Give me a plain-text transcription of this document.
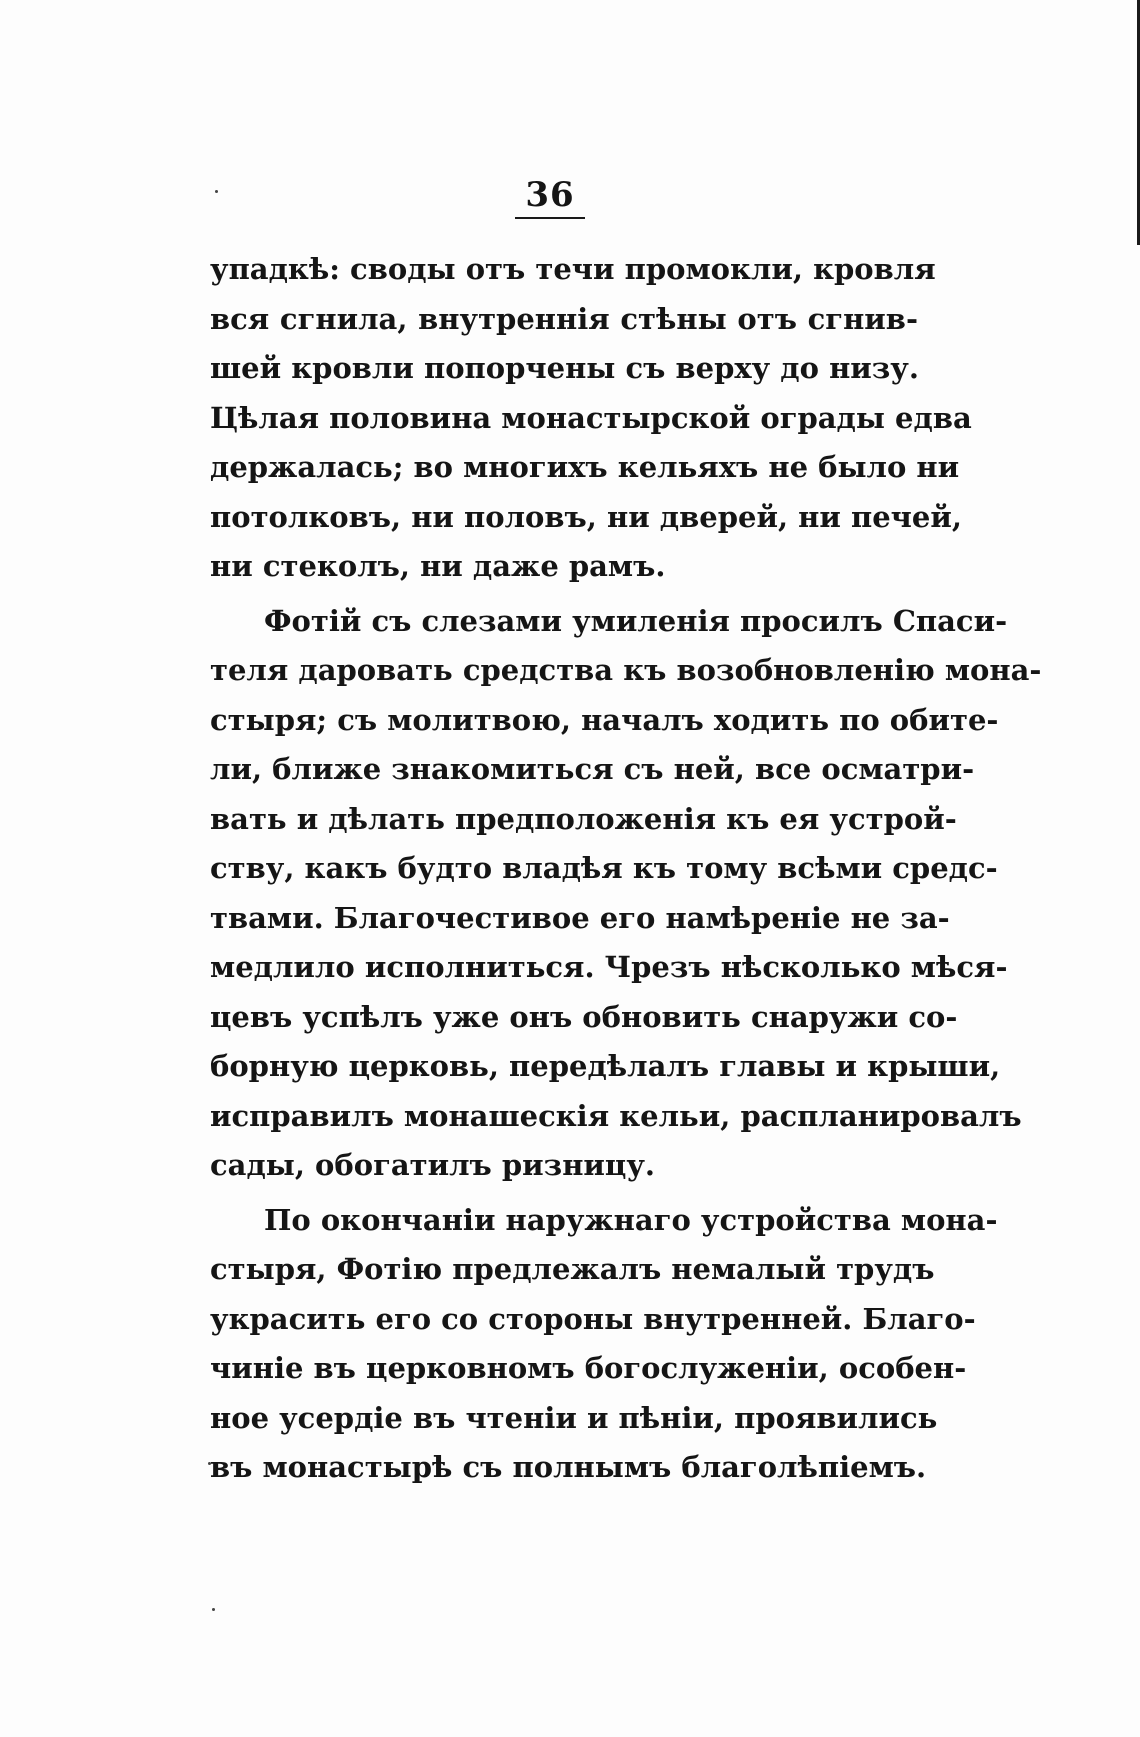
36
упадкѣ: своды отъ течи промокли, кровля
вся сгнила, внутреннія стѣны отъ сгнив-
шей кровли попорчены съ верху до низу.
Цѣлая половина монастырской ограды едва
держалась; во многихъ кельяхъ не было ни
потолковъ, ни половъ, ни дверей, ни печей,
ни стеколъ, ни даже рамъ.
Фотій съ слезами умиленія просилъ Спаси-
теля даровать средства къ возобновленію мона-
стыря; съ молитвою, началъ ходить по обите-
ли, ближе знакомиться съ ней, все осматри-
вать и дѣлать предположенія къ ея устрой-
ству, какъ будто владѣя къ тому всѣми средс-
твами. Благочестивое его намѣреніе не за-
медлило исполниться. Чрезъ нѣсколько мѣся-
цевъ успѣлъ уже онъ обновить снаружи со-
борную церковь, передѣлалъ главы и крыши,
исправилъ монашескія кельи, распланировалъ
сады, обогатилъ ризницу.
По окончаніи наружнаго устройства мона-
стыря, Фотію предлежалъ немалый трудъ
украсить его со стороны внутренней. Благо-
чиніе въ церковномъ богослуженіи, особен-
ное усердіе въ чтеніи и пѣніи, проявились
въ монастырѣ съ полнымъ благолѣпіемъ.
